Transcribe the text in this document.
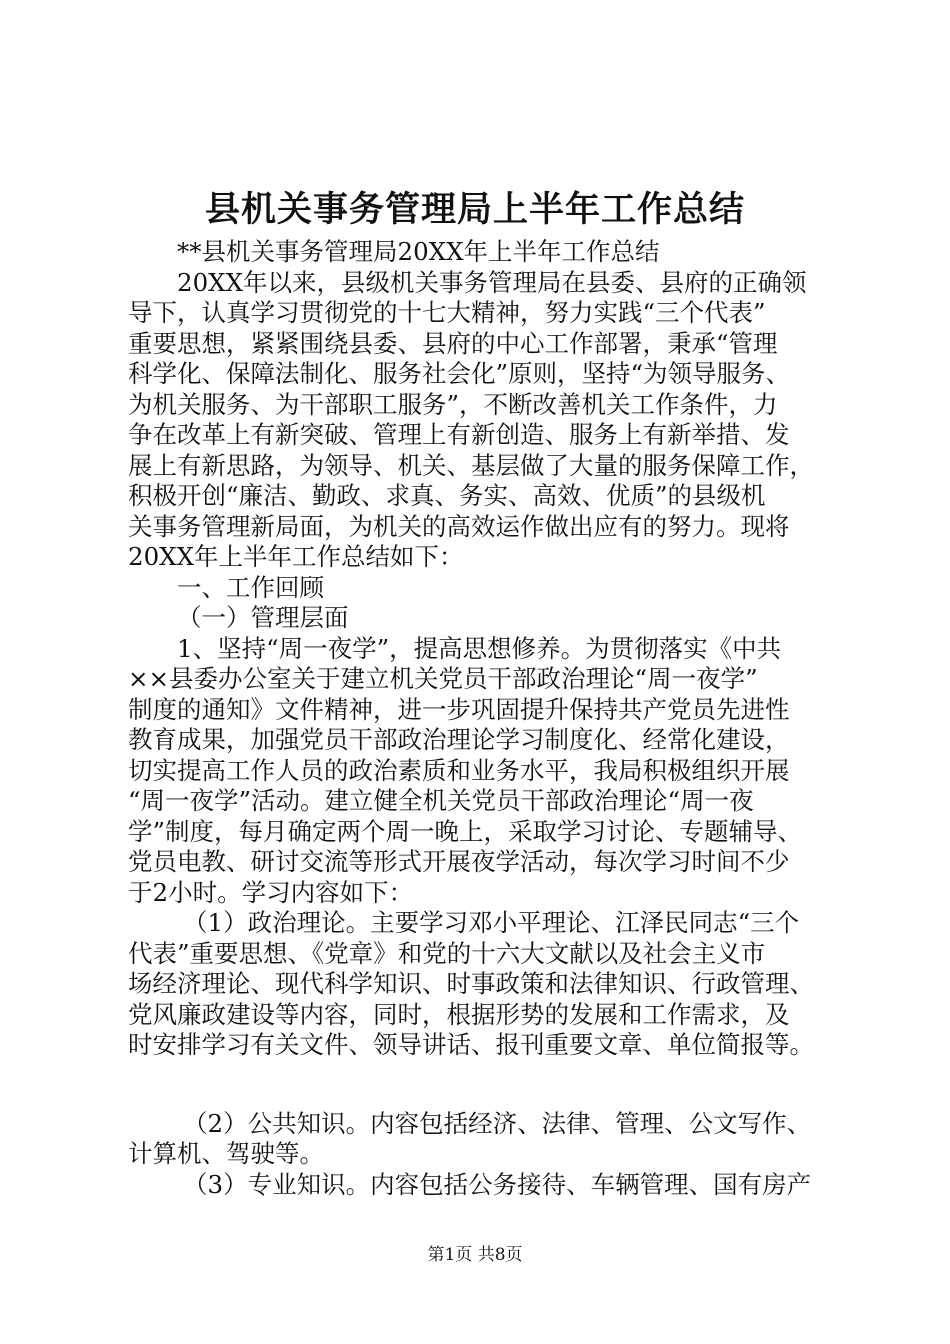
县机关事务管理局上半年工作总结
**县机关事务管理局20XX年上半年工作总结
20XX年以来，县级机关事务管理局在县委、县府的正确领
导下，认真学习贯彻党的十七大精神，努力实践“三个代表”
重要思想，紧紧围绕县委、县府的中心工作部署，秉承“管理
科学化、保障法制化、服务社会化”原则，坚持“为领导服务、
为机关服务、为干部职工服务”，不断改善机关工作条件，力
争在改革上有新突破、管理上有新创造、服务上有新举措、发
展上有新思路，为领导、机关、基层做了大量的服务保障工作，
积极开创“廉洁、勤政、求真、务实、高效、优质”的县级机
关事务管理新局面，为机关的高效运作做出应有的努力。现将
20XX年上半年工作总结如下：
一、工作回顾
（一）管理层面
1、坚持“周一夜学”，提高思想修养。为贯彻落实《中共
××县委办公室关于建立机关党员干部政治理论“周一夜学”
制度的通知》文件精神，进一步巩固提升保持共产党员先进性
教育成果，加强党员干部政治理论学习制度化、经常化建设，
切实提高工作人员的政治素质和业务水平，我局积极组织开展
“周一夜学”活动。建立健全机关党员干部政治理论“周一夜
学”制度，每月确定两个周一晚上，采取学习讨论、专题辅导、
党员电教、研讨交流等形式开展夜学活动，每次学习时间不少
于2小时。学习内容如下：
（1）政治理论。主要学习邓小平理论、江泽民同志“三个
代表”重要思想、《党章》和党的十六大文献以及社会主义市
场经济理论、现代科学知识、时事政策和法律知识、行政管理、
党风廉政建设等内容，同时，根据形势的发展和工作需求，及
时安排学习有关文件、领导讲话、报刊重要文章、单位简报等。
（2）公共知识。内容包括经济、法律、管理、公文写作、
计算机、驾驶等。
（3）专业知识。内容包括公务接待、车辆管理、国有房产
第1页 共8页
